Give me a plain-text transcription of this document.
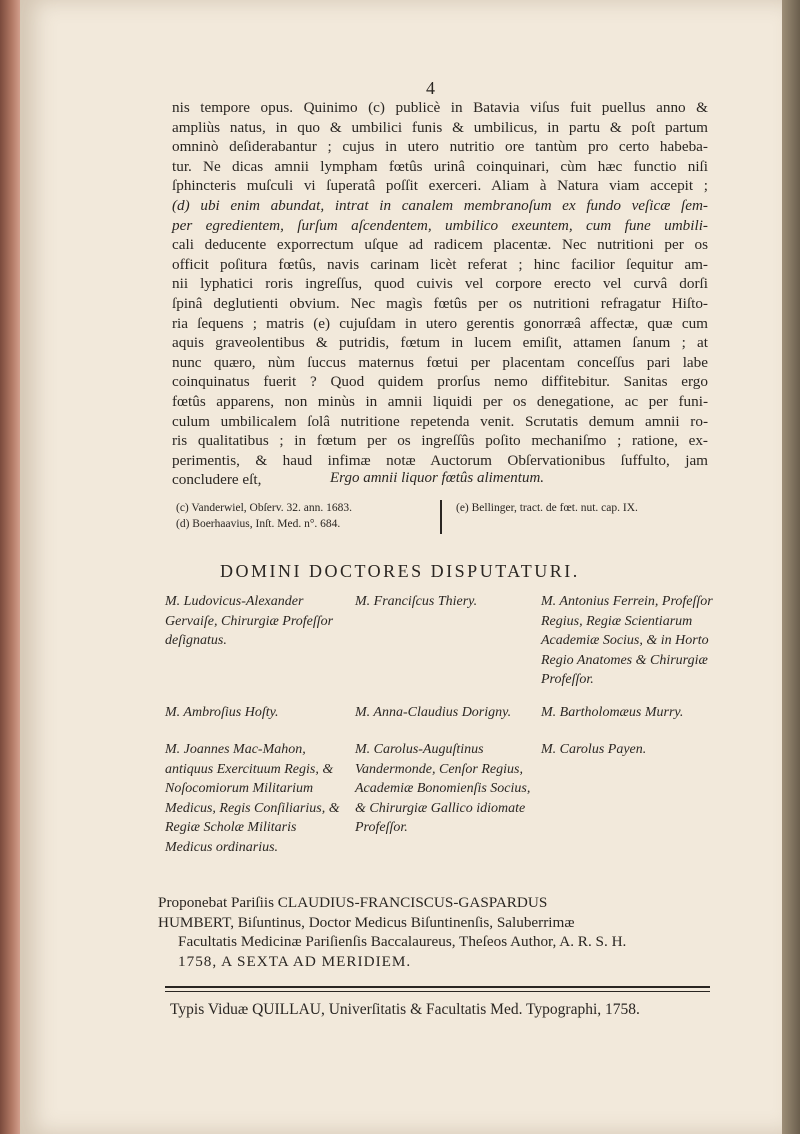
4
nis tempore opus. Quinimo (c) publicè in Batavia viſus fuit puellus anno &
ampliùs natus, in quo & umbilici funis & umbilicus, in partu & poſt partum
omninò deſiderabantur ; cujus in utero nutritio ore tantùm pro certo habeba-
tur. Ne dicas amnii lympham fœtûs urinâ coinquinari, cùm hæc functio niſi
ſphincteris muſculi vi ſuperatâ poſſit exerceri. Aliam à Natura viam accepit ;
(d) ubi enim abundat, intrat in canalem membranoſum ex fundo veſicæ ſem-
per egredientem, ſurſum aſcendentem, umbilico exeuntem, cum fune umbili-
cali deducente exporrectum uſque ad radicem placentæ. Nec nutritioni per os
officit poſitura fœtûs, navis carinam licèt referat ; hinc facilior ſequitur am-
nii lyphatici roris ingreſſus, quod cuivis vel corpore erecto vel curvâ dorſi
ſpinâ deglutienti obvium. Nec magìs fœtûs per os nutritioni refragatur Hiſto-
ria ſequens ; matris (e) cujuſdam in utero gerentis gonorræâ affectæ, quæ cum
aquis graveolentibus & putridis, fœtum in lucem emiſit, attamen ſanum ; at
nunc quæro, nùm ſuccus maternus fœtui per placentam conceſſus pari labe
coinquinatus fuerit ? Quod quidem prorſus nemo diffitebitur. Sanitas ergo
fœtûs apparens, non minùs in amnii liquidi per os denegatione, ac per funi-
culum umbilicalem ſolâ nutritione repetenda venit. Scrutatis demum amnii ro-
ris qualitatibus ; in fœtum per os ingreſſûs poſito mechaniſmo ; ratione, ex-
perimentis, & haud infimæ notæ Auctorum Obſervationibus ſuffulto, jam
concludere eſt,	Ergo amnii liquor fœtûs alimentum.
(c) Vanderwiel, Obſerv. 32. ann. 1683.
(d) Boerhaavius, Inſt. Med. n°. 684.
(e) Bellinger, tract. de fœt. nut. cap. IX.
DOMINI DOCTORES DISPUTATURI.

M. Ludovicus-Alexander Gervaiſe, Chirurgiæ Profeſſor deſignatus.

M. Ambroſius Hoſty.

M. Joannes Mac-Mahon, antiquus Exercituum Regis, & Noſocomiorum Militarium Medicus, Regis Conſiliarius, & Regiæ Scholæ Militaris Medicus ordinarius.

M. Franciſcus Thiery.

M. Anna-Claudius Dorigny.

M. Carolus-Auguſtinus Vandermonde, Cenſor Regius, Academiæ Bonomienſis Socius, & Chirurgiæ Gallico idiomate Profeſſor.

M. Antonius Ferrein, Profeſſor Regius, Regiæ Scientiarum Academiæ Socius, & in Horto Regio Anatomes & Chirurgiæ Profeſſor.

M. Bartholomæus Murry.

M. Carolus Payen.

Proponebat Pariſiis CLAUDIUS-FRANCISCUS-GASPARDUS
HUMBERT, Biſuntinus, Doctor Medicus Biſuntinenſis, Saluberrimæ
Facultatis Medicinæ Pariſienſis Baccalaureus, Theſeos Author, A. R. S. H.
1758, A SEXTA AD MERIDIEM.
Typis Viduæ QUILLAU, Univerſitatis & Facultatis Med. Typographi, 1758.
